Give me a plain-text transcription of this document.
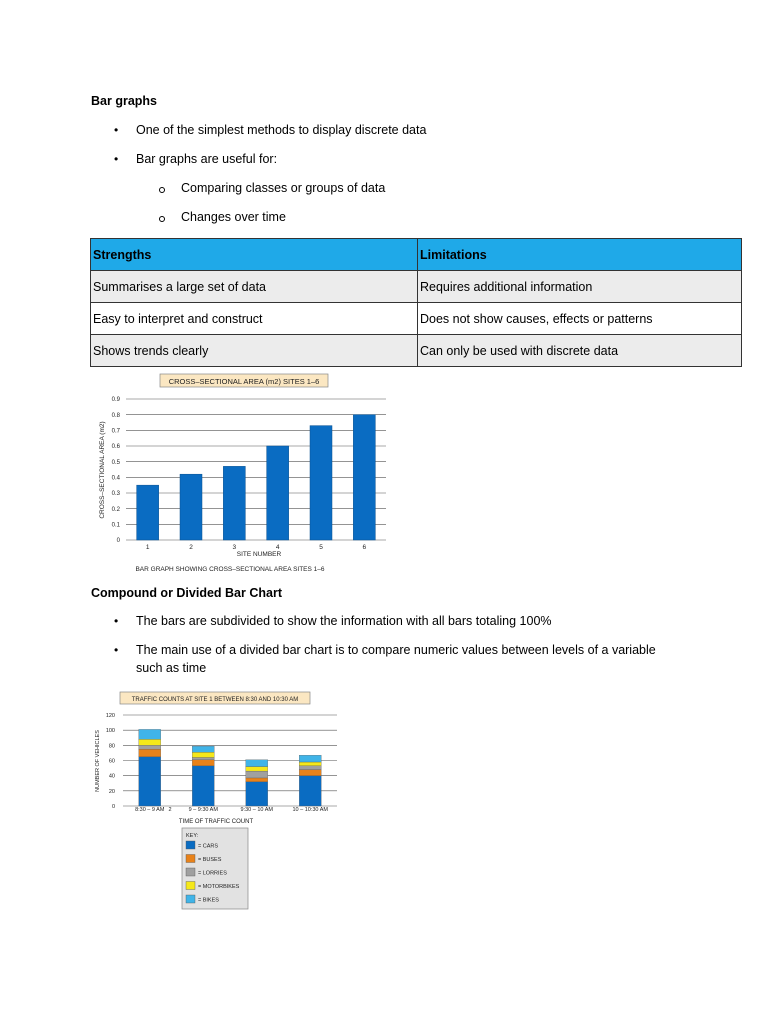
Bar graphs
• One of the simplest methods to display discrete data
• Bar graphs are useful for:
Comparing classes or groups of data
Changes over time
Strengths	Limitations
Summarises a large set of data	Requires additional information
Easy to interpret and construct	Does not show causes, effects or patterns
Shows trends clearly	Can only be used with discrete data
CROSS–SECTIONAL AREA (m2) SITES 1–6
CROSS–SECTIONAL AREA (m2)
0
0.1
0.2
0.3
0.4
0.5
0.6
0.7
0.8
0.9
1	2	3	4	5	6
SITE NUMBER
BAR GRAPH SHOWING CROSS–SECTIONAL AREA SITES 1–6
Compound or Divided Bar Chart
• The bars are subdivided to show the information with all bars totaling 100%
• The main use of a divided bar chart is to compare numeric values between levels of a variable
such as time
TRAFFIC COUNTS AT SITE 1 BETWEEN 8:30 AND 10:30 AM
NUMBER OF VEHICLES
0
20
40
60
80
100
120
8:30 – 9 AM	9 – 9:30 AM	9:30 – 10 AM	10 – 10:30 AM
2
TIME OF TRAFFIC COUNT
KEY:
= CARS
= BUSES
= LORRIES
= MOTORBIKES
= BIKES
